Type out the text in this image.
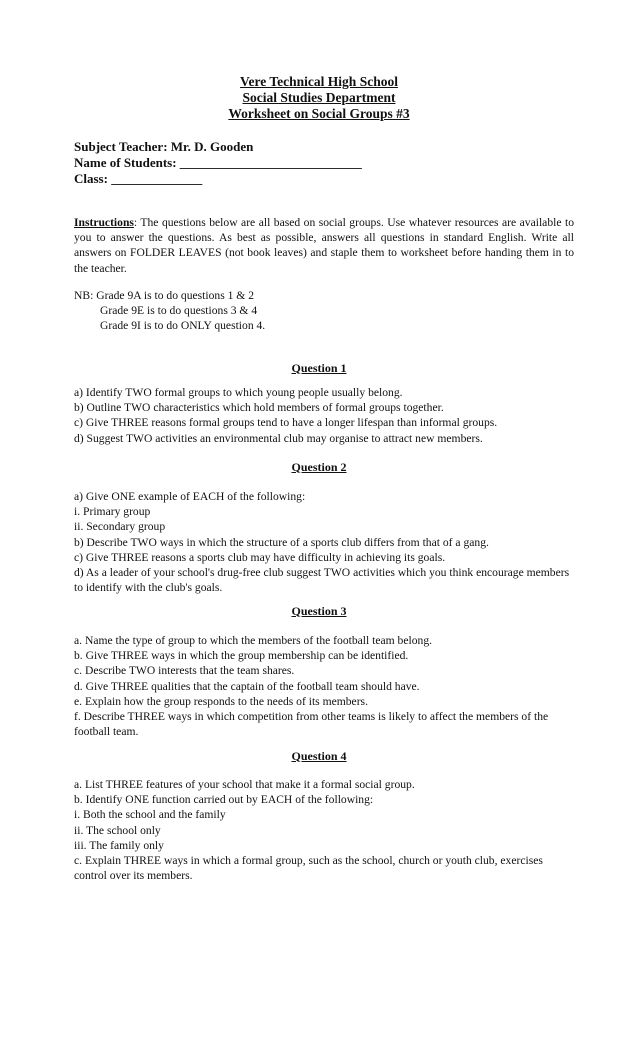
Vere Technical High School
Social Studies Department
Worksheet on Social Groups #3
Subject Teacher: Mr. D. Gooden
Name of Students: ____________________________
Class: ______________

Instructions: The questions below are all based on social groups. Use whatever resources are available to you to answer the questions. As best as possible, answers all questions in standard English. Write all answers on FOLDER LEAVES (not book leaves) and staple them to worksheet before handing them in to the teacher.

NB: Grade 9A is to do questions 1 & 2

Grade 9E is to do questions 3 & 4

Grade 9I is to do ONLY question 4.

Question 1

a) Identify TWO formal groups to which young people usually belong.

b) Outline TWO characteristics which hold members of formal groups together.

c) Give THREE reasons formal groups tend to have a longer lifespan than informal groups.

d) Suggest TWO activities an environmental club may organise to attract new members.

Question 2

a) Give ONE example of EACH of the following:

i. Primary group

ii. Secondary group

b) Describe TWO ways in which the structure of a sports club differs from that of a gang.

c) Give THREE reasons a sports club may have difficulty in achieving its goals.

d) As a leader of your school's drug-free club suggest TWO activities which you think encourage members to identify with the club's goals.

Question 3

a. Name the type of group to which the members of the football team belong.

b. Give THREE ways in which the group membership can be identified.

c. Describe TWO interests that the team shares.

d. Give THREE qualities that the captain of the football team should have.

e. Explain how the group responds to the needs of its members.

f. Describe THREE ways in which competition from other teams is likely to affect the members of the football team.

Question 4

a. List THREE features of your school that make it a formal social group.

b. Identify ONE function carried out by EACH of the following:

i. Both the school and the family

ii. The school only

iii. The family only

c. Explain THREE ways in which a formal group, such as the school, church or youth club, exercises control over its members.
